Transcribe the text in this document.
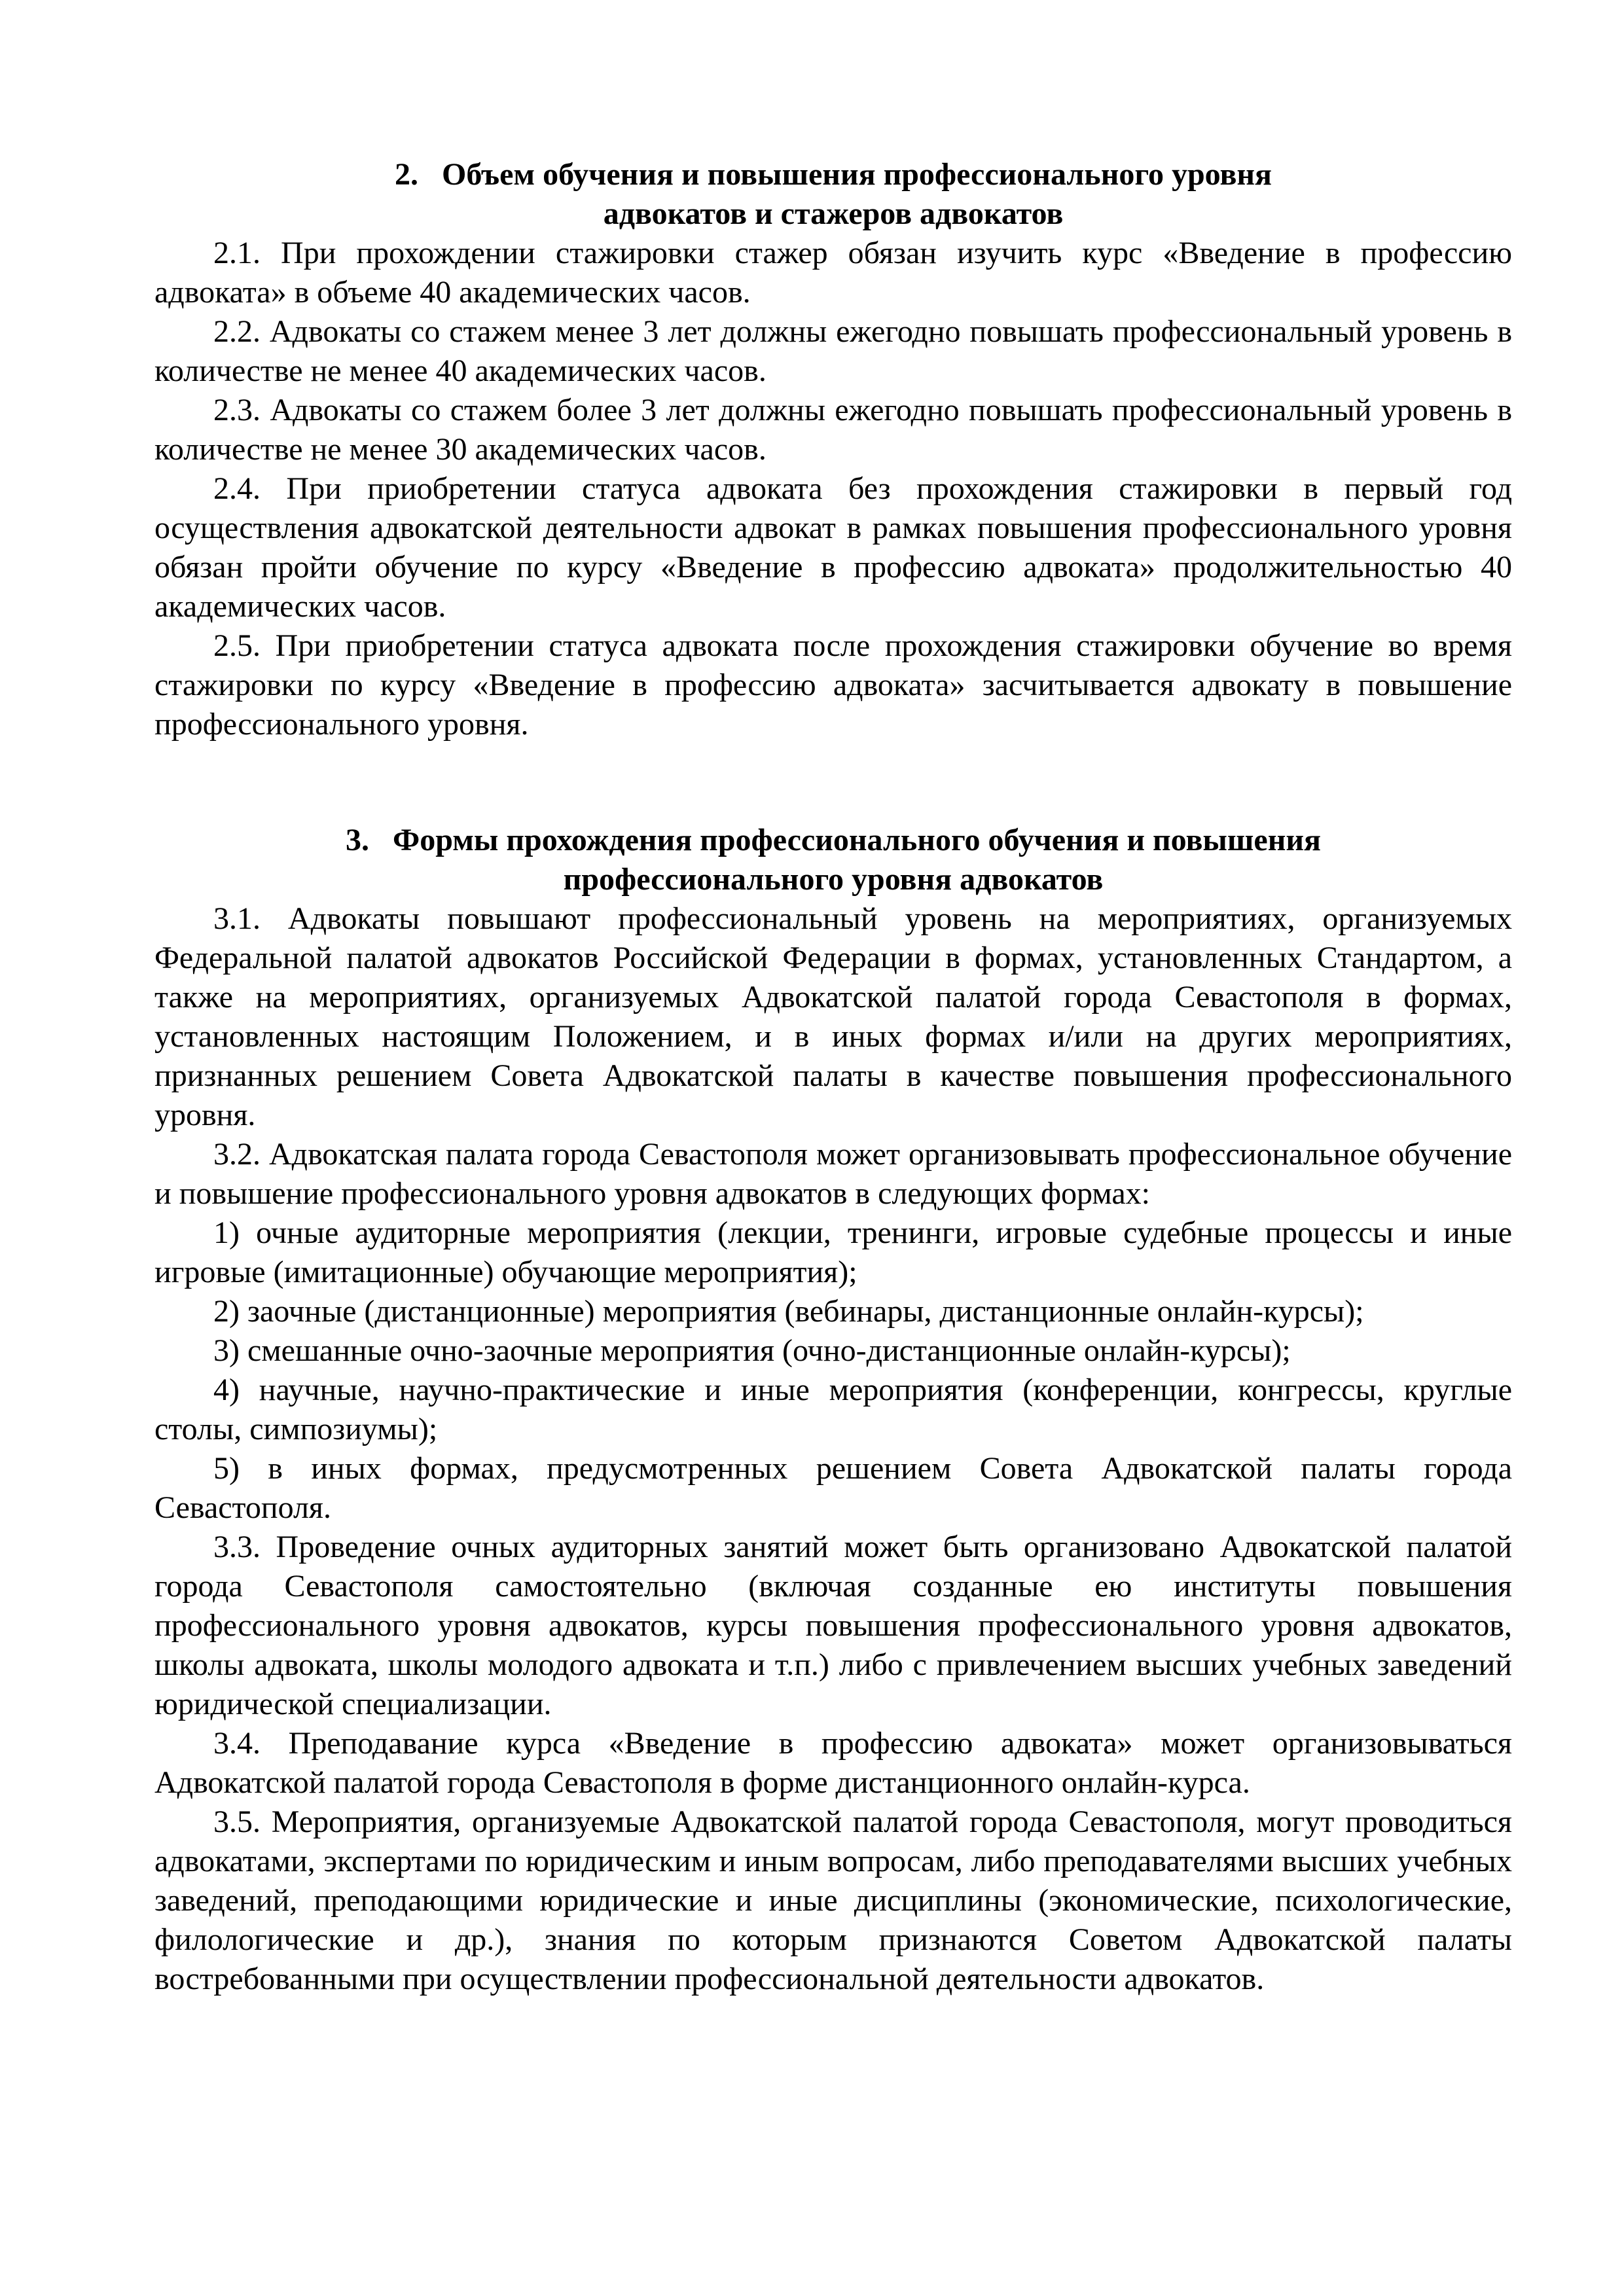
2.   Объем обучения и повышения профессионального уровня
адвокатов и стажеров адвокатов

2.1. При прохождении стажировки стажер обязан изучить курс «Введение в профессию адвоката» в объеме 40 академических часов.

2.2. Адвокаты со стажем менее 3 лет должны ежегодно повышать профессиональный уровень в количестве не менее 40 академических часов.

2.3. Адвокаты со стажем более 3 лет должны ежегодно повышать профессиональный уровень в количестве не менее 30 академических часов.

2.4. При приобретении статуса адвоката без прохождения стажировки в первый год осуществления адвокатской деятельности адвокат в рамках повышения профессионального уровня обязан пройти обучение по курсу «Введение в профессию адвоката» продолжительностью 40 академических часов.

2.5. При приобретении статуса адвоката после прохождения стажировки обучение во время стажировки по курсу «Введение в профессию адвоката» засчитывается адвокату в повышение профессионального уровня.

3.   Формы прохождения профессионального обучения и повышения
профессионального уровня адвокатов

3.1. Адвокаты повышают профессиональный уровень на мероприятиях, организуемых Федеральной палатой адвокатов Российской Федерации в формах, установленных Стандартом, а также на мероприятиях, организуемых Адвокатской палатой города Севастополя в формах, установленных настоящим Положением, и в иных формах и/или на других мероприятиях, признанных решением Совета Адвокатской палаты в качестве повышения профессионального уровня.

3.2. Адвокатская палата города Севастополя может организовывать профессиональное обучение и повышение профессионального уровня адвокатов в следующих формах:

1) очные аудиторные мероприятия (лекции, тренинги, игровые судебные процессы и иные игровые (имитационные) обучающие мероприятия);

2) заочные (дистанционные) мероприятия (вебинары, дистанционные онлайн-курсы);

3) смешанные очно-заочные мероприятия (очно-дистанционные онлайн-курсы);

4) научные, научно-практические и иные мероприятия (конференции, конгрессы, круглые столы, симпозиумы);

5) в иных формах, предусмотренных решением Совета Адвокатской палаты города Севастополя.

3.3. Проведение очных аудиторных занятий может быть организовано Адвокатской палатой города Севастополя самостоятельно (включая созданные ею институты повышения профессионального уровня адвокатов, курсы повышения профессионального уровня адвокатов, школы адвоката, школы молодого адвоката и т.п.) либо с привлечением высших учебных заведений юридической специализации.

3.4. Преподавание курса «Введение в профессию адвоката» может организовываться Адвокатской палатой города Севастополя в форме дистанционного онлайн-курса.

3.5. Мероприятия, организуемые Адвокатской палатой города Севастополя, могут проводиться адвокатами, экспертами по юридическим и иным вопросам, либо преподавателями высших учебных заведений, преподающими юридические и иные дисциплины (экономические, психологические, филологические и др.), знания по которым признаются Советом Адвокатской палаты востребованными при осуществлении профессиональной деятельности адвокатов.
